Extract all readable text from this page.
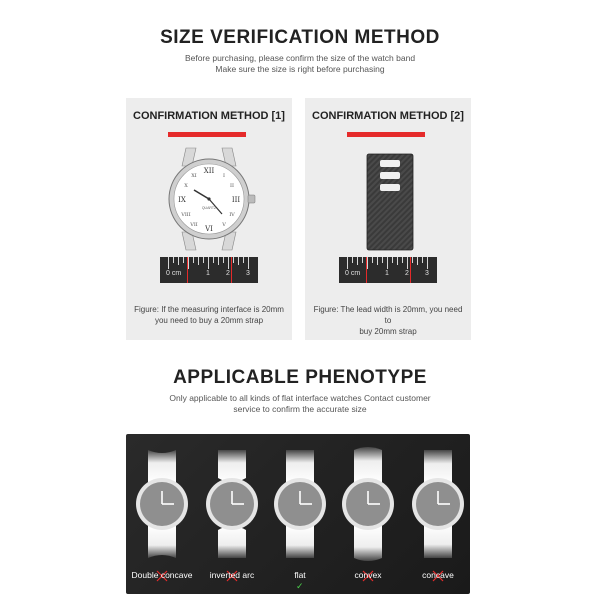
SIZE VERIFICATION METHOD
Before purchasing, please confirm the size of the watch band
Make sure the size is right before purchasing
CONFIRMATION METHOD [1]
XII
III
VI
IX
I
II
IV
V
VII
VIII
X
XI
QUARTZ
0 cm	1 2 3
Figure: If the measuring interface is 20mm
you need to buy a 20mm strap
CONFIRMATION METHOD [2]
0 cm	1 2 3
Figure: The lead width is 20mm, you need to
buy 20mm strap
APPLICABLE PHENOTYPE
Only applicable to all kinds of flat interface watches Contact customer
service to confirm the accurate size
Double concave	inverted arc	flat	convex	concave
✓
